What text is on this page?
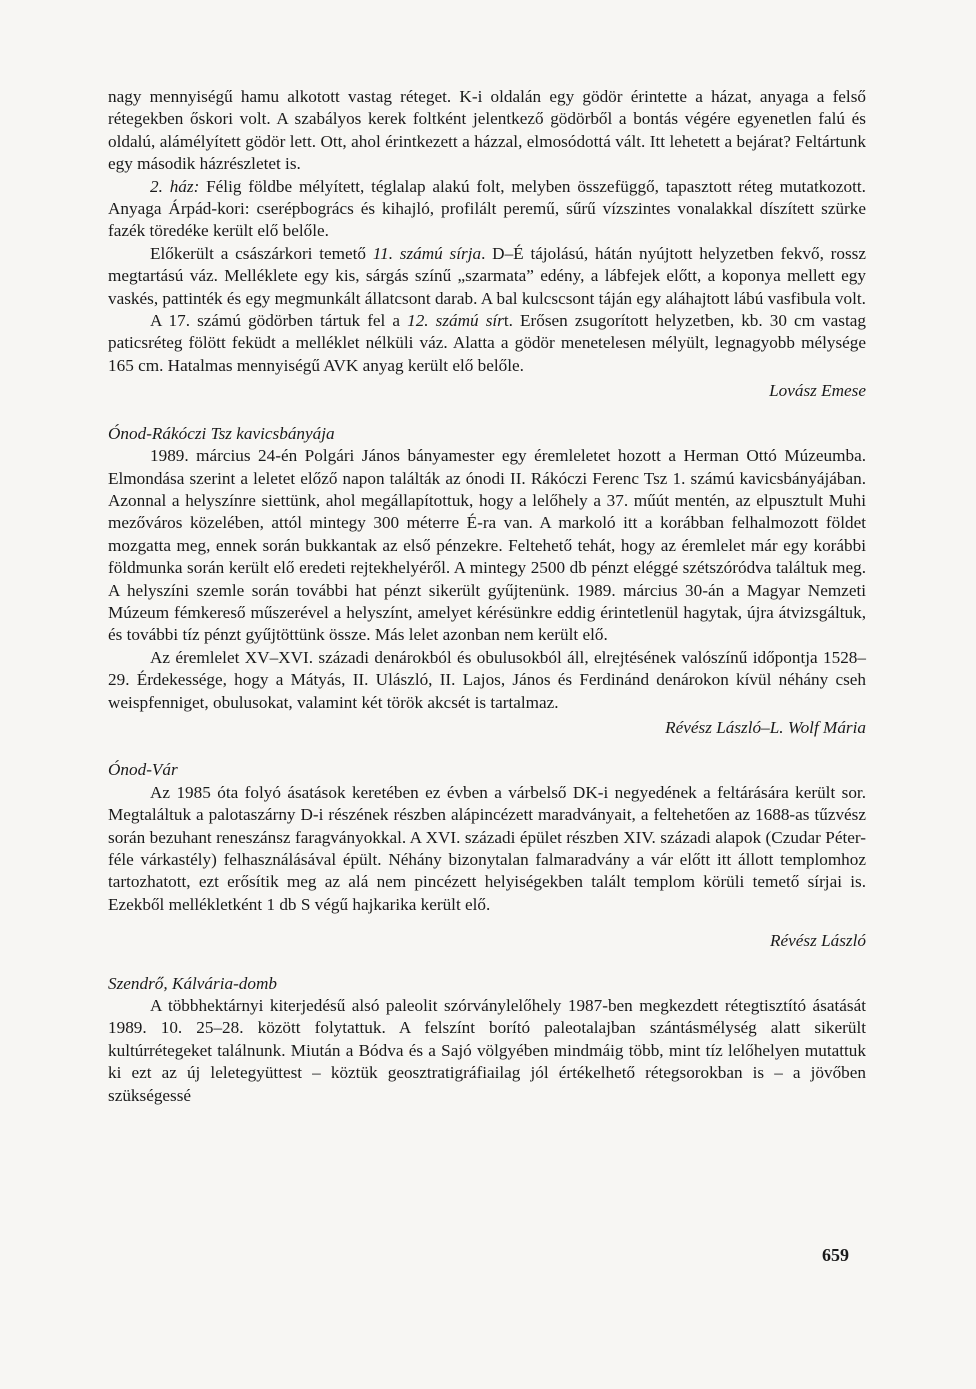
nagy mennyiségű hamu alkotott vastag réteget. K-i oldalán egy gödör érintette a házat, anyaga a felső rétegekben őskori volt. A szabályos kerek foltként jelentkező gödörből a bontás végére egyenetlen falú és oldalú, alámélyített gödör lett. Ott, ahol érintkezett a házzal, elmosódottá vált. Itt lehetett a bejárat? Feltártunk egy második házrészletet is.

2. ház: Félig földbe mélyített, téglalap alakú folt, melyben összefüggő, tapasztott réteg mutatkozott. Anyaga Árpád-kori: cserépbogrács és kihajló, profilált peremű, sűrű vízszintes vonalakkal díszített szürke fazék töredéke került elő belőle.

Előkerült a császárkori temető 11. számú sírja. D–É tájolású, hátán nyújtott helyzetben fekvő, rossz megtartású váz. Melléklete egy kis, sárgás színű „szarmata” edény, a lábfejek előtt, a koponya mellett egy vaskés, pattinték és egy megmunkált állatcsont darab. A bal kulcscsont táján egy aláhajtott lábú vasfibula volt.

A 17. számú gödörben tártuk fel a 12. számú sírt. Erősen zsugorított helyzetben, kb. 30 cm vastag paticsréteg fölött feküdt a melléklet nélküli váz. Alatta a gödör menetelesen mélyült, legnagyobb mélysége 165 cm. Hatalmas mennyiségű AVK anyag került elő belőle.

Lovász Emese

Ónod-Rákóczi Tsz kavicsbányája

1989. március 24-én Polgári János bányamester egy éremleletet hozott a Herman Ottó Múzeumba. Elmondása szerint a leletet előző napon találták az ónodi II. Rákóczi Ferenc Tsz 1. számú kavicsbányájában. Azonnal a helyszínre siettünk, ahol megállapítottuk, hogy a lelőhely a 37. műút mentén, az elpusztult Muhi mezőváros közelében, attól mintegy 300 méterre É-ra van. A markoló itt a korábban felhalmozott földet mozgatta meg, ennek során bukkantak az első pénzekre. Feltehető tehát, hogy az éremlelet már egy korábbi földmunka során került elő eredeti rejtekhelyéről. A mintegy 2500 db pénzt eléggé szétszóródva találtuk meg. A helyszíni szemle során további hat pénzt sikerült gyűjtenünk. 1989. március 30-án a Magyar Nemzeti Múzeum fémkereső műszerével a helyszínt, amelyet kérésünkre eddig érintetlenül hagytak, újra átvizsgáltuk, és további tíz pénzt gyűjtöttünk össze. Más lelet azonban nem került elő.

Az éremlelet XV–XVI. századi denárokból és obulusokból áll, elrejtésének valószínű időpontja 1528–29. Érdekessége, hogy a Mátyás, II. Ulászló, II. Lajos, János és Ferdinánd denárokon kívül néhány cseh weispfenniget, obulusokat, valamint két török akcsét is tartalmaz.

Révész László–L. Wolf Mária

Ónod-Vár

Az 1985 óta folyó ásatások keretében ez évben a várbelső DK-i negyedének a feltárására került sor. Megtaláltuk a palotaszárny D-i részének részben alápincézett maradványait, a feltehetően az 1688-as tűzvész során bezuhant reneszánsz faragványokkal. A XVI. századi épület részben XIV. századi alapok (Czudar Péter-féle várkastély) felhasználásával épült. Néhány bizonytalan falmaradvány a vár előtt itt állott templomhoz tartozhatott, ezt erősítik meg az alá nem pincézett helyiségekben talált templom körüli temető sírjai is. Ezekből mellékletként 1 db S végű hajkarika került elő.

Révész László

Szendrő, Kálvária-domb

A többhektárnyi kiterjedésű alsó paleolit szórványlelőhely 1987-ben megkezdett rétegtisztító ásatását 1989. 10. 25–28. között folytattuk. A felszínt borító paleotalajban szántásmélység alatt sikerült kultúrrétegeket találnunk. Miután a Bódva és a Sajó völgyében mindmáig több, mint tíz lelőhelyen mutattuk ki ezt az új leletegyüttest – köztük geosztratigráfiailag jól értékelhető rétegsorokban is – a jövőben szükségessé

659
